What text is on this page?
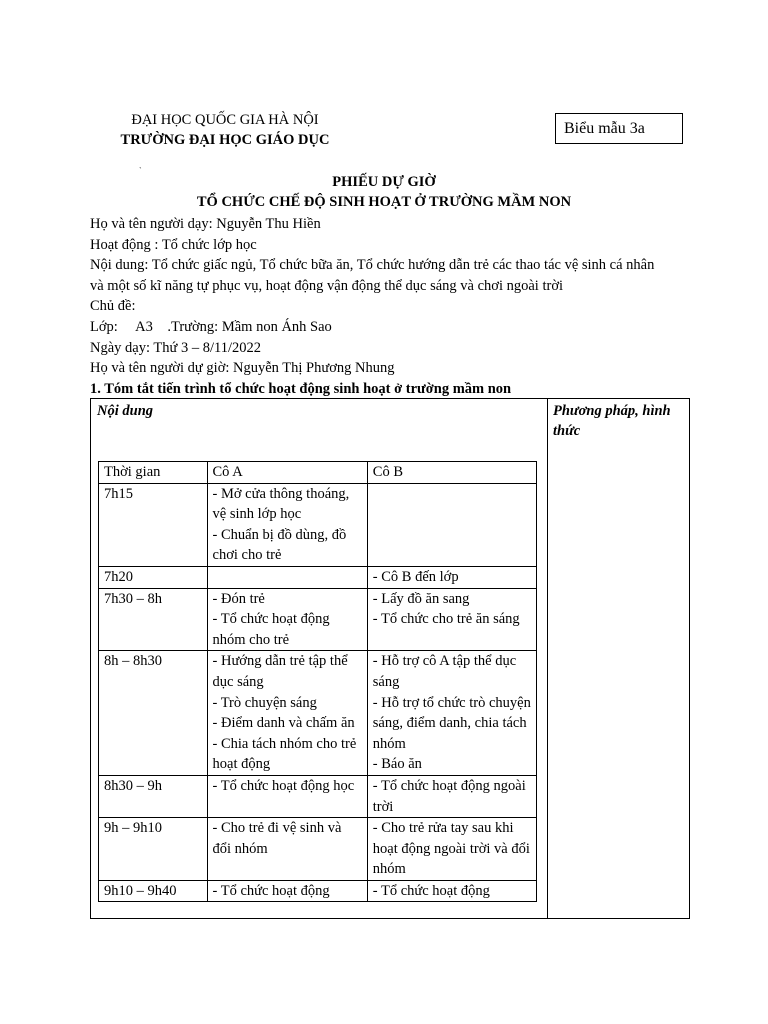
ĐẠI HỌC QUỐC GIA HÀ NỘI
TRƯỜNG ĐẠI HỌC GIÁO DỤC
Biểu mẫu 3a
`
PHIẾU DỰ GIỜ
TỔ CHỨC CHẾ ĐỘ SINH HOẠT Ở TRƯỜNG MẦM NON

Họ và tên người dạy: Nguyễn Thu Hiền

Hoạt động : Tổ chức lớp học

Nội dung: Tổ chức giấc ngủ, Tổ chức bữa ăn, Tổ chức hướng dẫn trẻ các thao tác vệ sinh cá nhân

và một số kĩ năng tự phục vụ, hoạt động vận động thể dục sáng và chơi ngoài trời

Chủ đề:

Lớp:     A3    .Trường: Mầm non Ánh Sao

Ngày dạy: Thứ 3 – 8/11/2022

Họ và tên người dự giờ: Nguyễn Thị Phương Nhung

1. Tóm tắt tiến trình tổ chức hoạt động sinh hoạt ở trường mầm non

Nội dung	Phương pháp, hình thức
Thời gian	Cô A	Cô B
7h15	- Mở cửa thông thoáng, vệ sinh lớp học
- Chuẩn bị đồ dùng, đồ chơi cho trẻ	

7h20		- Cô B đến lớp

7h30 – 8h	- Đón trẻ
- Tổ chức hoạt động nhóm cho trẻ	- Lấy đồ ăn sang
- Tổ chức cho trẻ ăn sáng

8h – 8h30	- Hướng dẫn trẻ tập thể dục sáng
- Trò chuyện sáng
- Điểm danh và chấm ăn
- Chia tách nhóm cho trẻ hoạt động	- Hỗ trợ cô A tập thể dục sáng
- Hỗ trợ tổ chức trò chuyện sáng, điểm danh, chia tách nhóm
- Báo ăn

8h30 – 9h	- Tổ chức hoạt động học	- Tổ chức hoạt động ngoài trời

9h – 9h10	- Cho trẻ đi vệ sinh và đổi nhóm	- Cho trẻ rửa tay sau khi hoạt động ngoài trời và đổi nhóm

9h10 – 9h40	- Tổ chức hoạt động	- Tổ chức hoạt động
